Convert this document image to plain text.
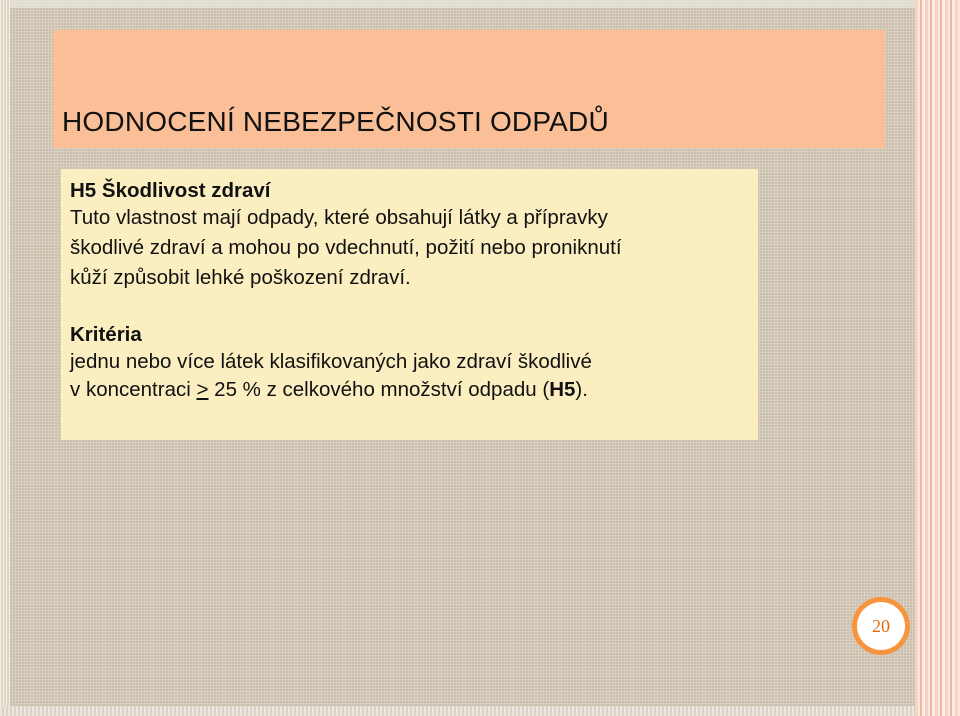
HODNOCENÍ NEBEZPEČNOSTI ODPADŮ
H5 Škodlivost zdraví
Tuto vlastnost mají odpady, které obsahují látky a přípravky
škodlivé zdraví a mohou po vdechnutí, požití nebo proniknutí
kůží způsobit lehké poškození zdraví.
Kritéria
jednu nebo více látek klasifikovaných jako zdraví škodlivé
v koncentraci ≥ 25 % z celkového množství odpadu (H5).
20
